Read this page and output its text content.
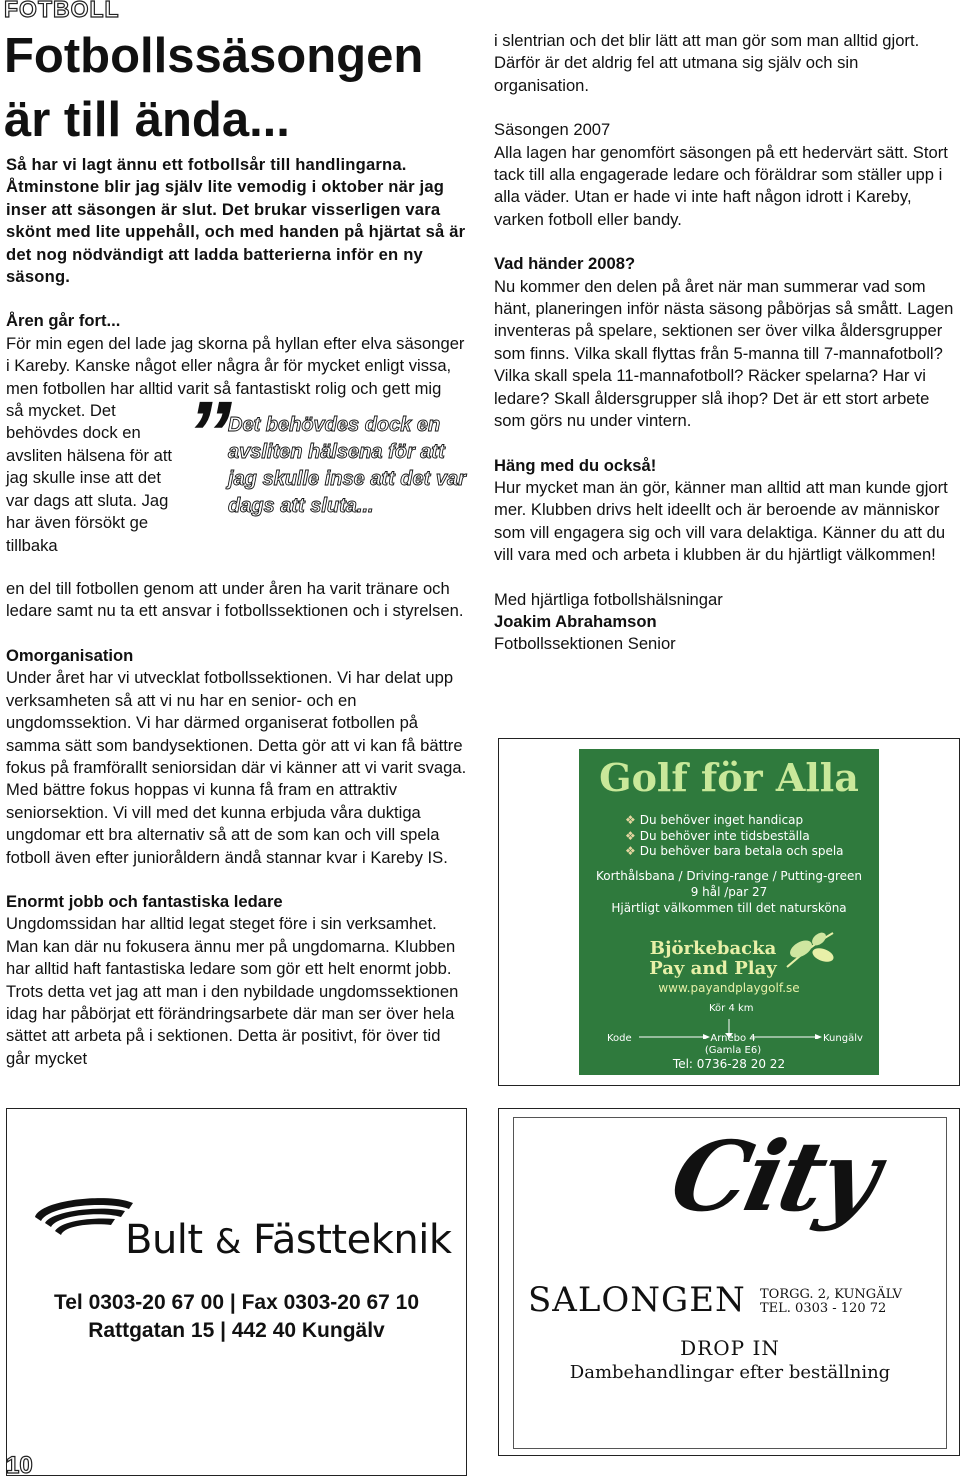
FOTBOLL
Fotbollssäsongen är till ända...

Så har vi lagt ännu ett fotbollsår till handlingarna. Åtminstone blir jag själv lite vemodig i oktober när jag inser att säsongen är slut. Det brukar visserligen vara skönt med lite uppehåll, och med handen på hjärtat så är det nog nödvändigt att ladda batterierna inför en ny säsong.

Åren går fort...

För min egen del lade jag skorna på hyllan efter elva säsonger i Kareby. Kanske något eller några år för mycket enligt vissa, men fotbollen har alltid varit så fantastiskt rolig och gett mig

så mycket. Det behövdes dock en avsliten hälsena för att jag skulle inse att det var dags att sluta. Jag har även försökt ge tillbaka

” Det behövdes dock en avsliten hälsena för att jag skulle inse att det var dags att sluta...

en del till fotbollen genom att under åren ha varit tränare och ledare samt nu ta ett ansvar i fotbollssektionen och i styrelsen.

Omorganisation

Under året har vi utvecklat fotbollssektionen. Vi har delat upp verksamheten så att vi nu har en senior- och en ungdomssektion. Vi har därmed organiserat fotbollen på samma sätt som bandysektionen. Detta gör att vi kan få bättre fokus på framförallt seniorsidan där vi känner att vi varit svaga. Med bättre fokus hoppas vi kunna få fram en attraktiv seniorsektion. Vi vill med det kunna erbjuda våra duktiga ungdomar ett bra alternativ så att de som kan och vill spela fotboll även efter junioråldern ändå stannar kvar i Kareby IS.

Enormt jobb och fantastiska ledare

Ungdomssidan har alltid legat steget före i sin verksamhet. Man kan där nu fokusera ännu mer på ungdomarna. Klubben har alltid haft fantastiska ledare som gör ett helt enormt jobb. Trots detta vet jag att man i den nybildade ungdomssektionen idag har påbörjat ett förändringsarbete där man ser över hela sättet att arbeta på i sektionen. Detta är positivt, för över tid går mycket

i slentrian och det blir lätt att man gör som man alltid gjort. Därför är det aldrig fel att utmana sig själv och sin organisation.

Säsongen 2007

Alla lagen har genomfört säsongen på ett hedervärt sätt. Stort tack till alla engagerade ledare och föräldrar som ställer upp i alla väder. Utan er hade vi inte haft någon idrott i Kareby, varken fotboll eller bandy.

Vad händer 2008?

Nu kommer den delen på året när man summerar vad som hänt, planeringen inför nästa säsong påbörjas så smått. Lagen inventeras på spelare, sektionen ser över vilka åldersgrupper som finns. Vilka skall flyttas från 5-manna till 7-mannafotboll? Vilka skall spela 11-mannafotboll? Räcker spelarna? Har vi ledare? Skall åldersgrupper slå ihop? Det är ett stort arbete som görs nu under vintern.

Häng med du också!

Hur mycket man än gör, känner man alltid att man kunde gjort mer. Klubben drivs helt ideellt och är beroende av människor som vill engagera sig och vill vara delaktiga. Känner du att du vill vara med och arbeta i klubben är du hjärtligt välkommen!

Med hjärtliga fotbollshälsningar

Joakim Abrahamson

Fotbollssektionen Senior

Golf för Alla
❖ Du behöver inget handicap
❖ Du behöver inte tidsbeställa
❖ Du behöver bara betala och spela
Korthålsbana / Driving-range / Putting-green
9 hål /par 27
Hjärtligt välkommen till det natursköna
Björkebacka
Pay and Play
www.payandplaygolf.se
Kör 4 km
Kode	Arnebo 4
(Gamla E6)
Kungälv
Tel: 0736-28 20 22
Bult & Fästteknik
Tel 0303-20 67 00 | Fax 0303-20 67 10
Rattgatan 15 | 442 40 Kungälv
City
SALONGEN TORGG. 2, KUNGÄLV
TEL. 0303 - 120 72
DROP IN
Dambehandlingar efter beställning
10
